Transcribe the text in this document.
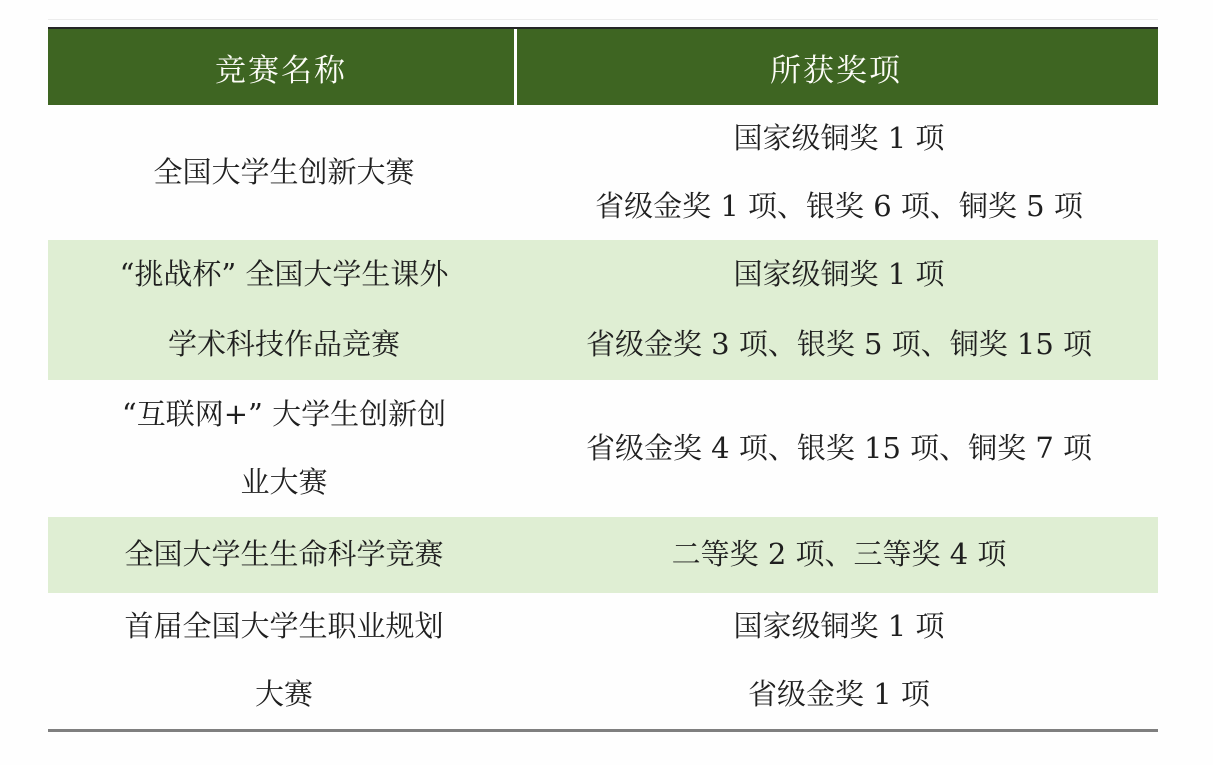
竞赛名称	所获奖项
全国大学生创新大赛
国家级铜奖 1 项
省级金奖 1 项、银奖 6 项、铜奖 5 项
“挑战杯” 全国大学生课外
学术科技作品竞赛
国家级铜奖 1 项
省级金奖 3 项、银奖 5 项、铜奖 15 项
“互联网+” 大学生创新创
业大赛
省级金奖 4 项、银奖 15 项、铜奖 7 项
全国大学生生命科学竞赛	二等奖 2 项、三等奖 4 项
首届全国大学生职业规划
大赛
国家级铜奖 1 项
省级金奖 1 项
